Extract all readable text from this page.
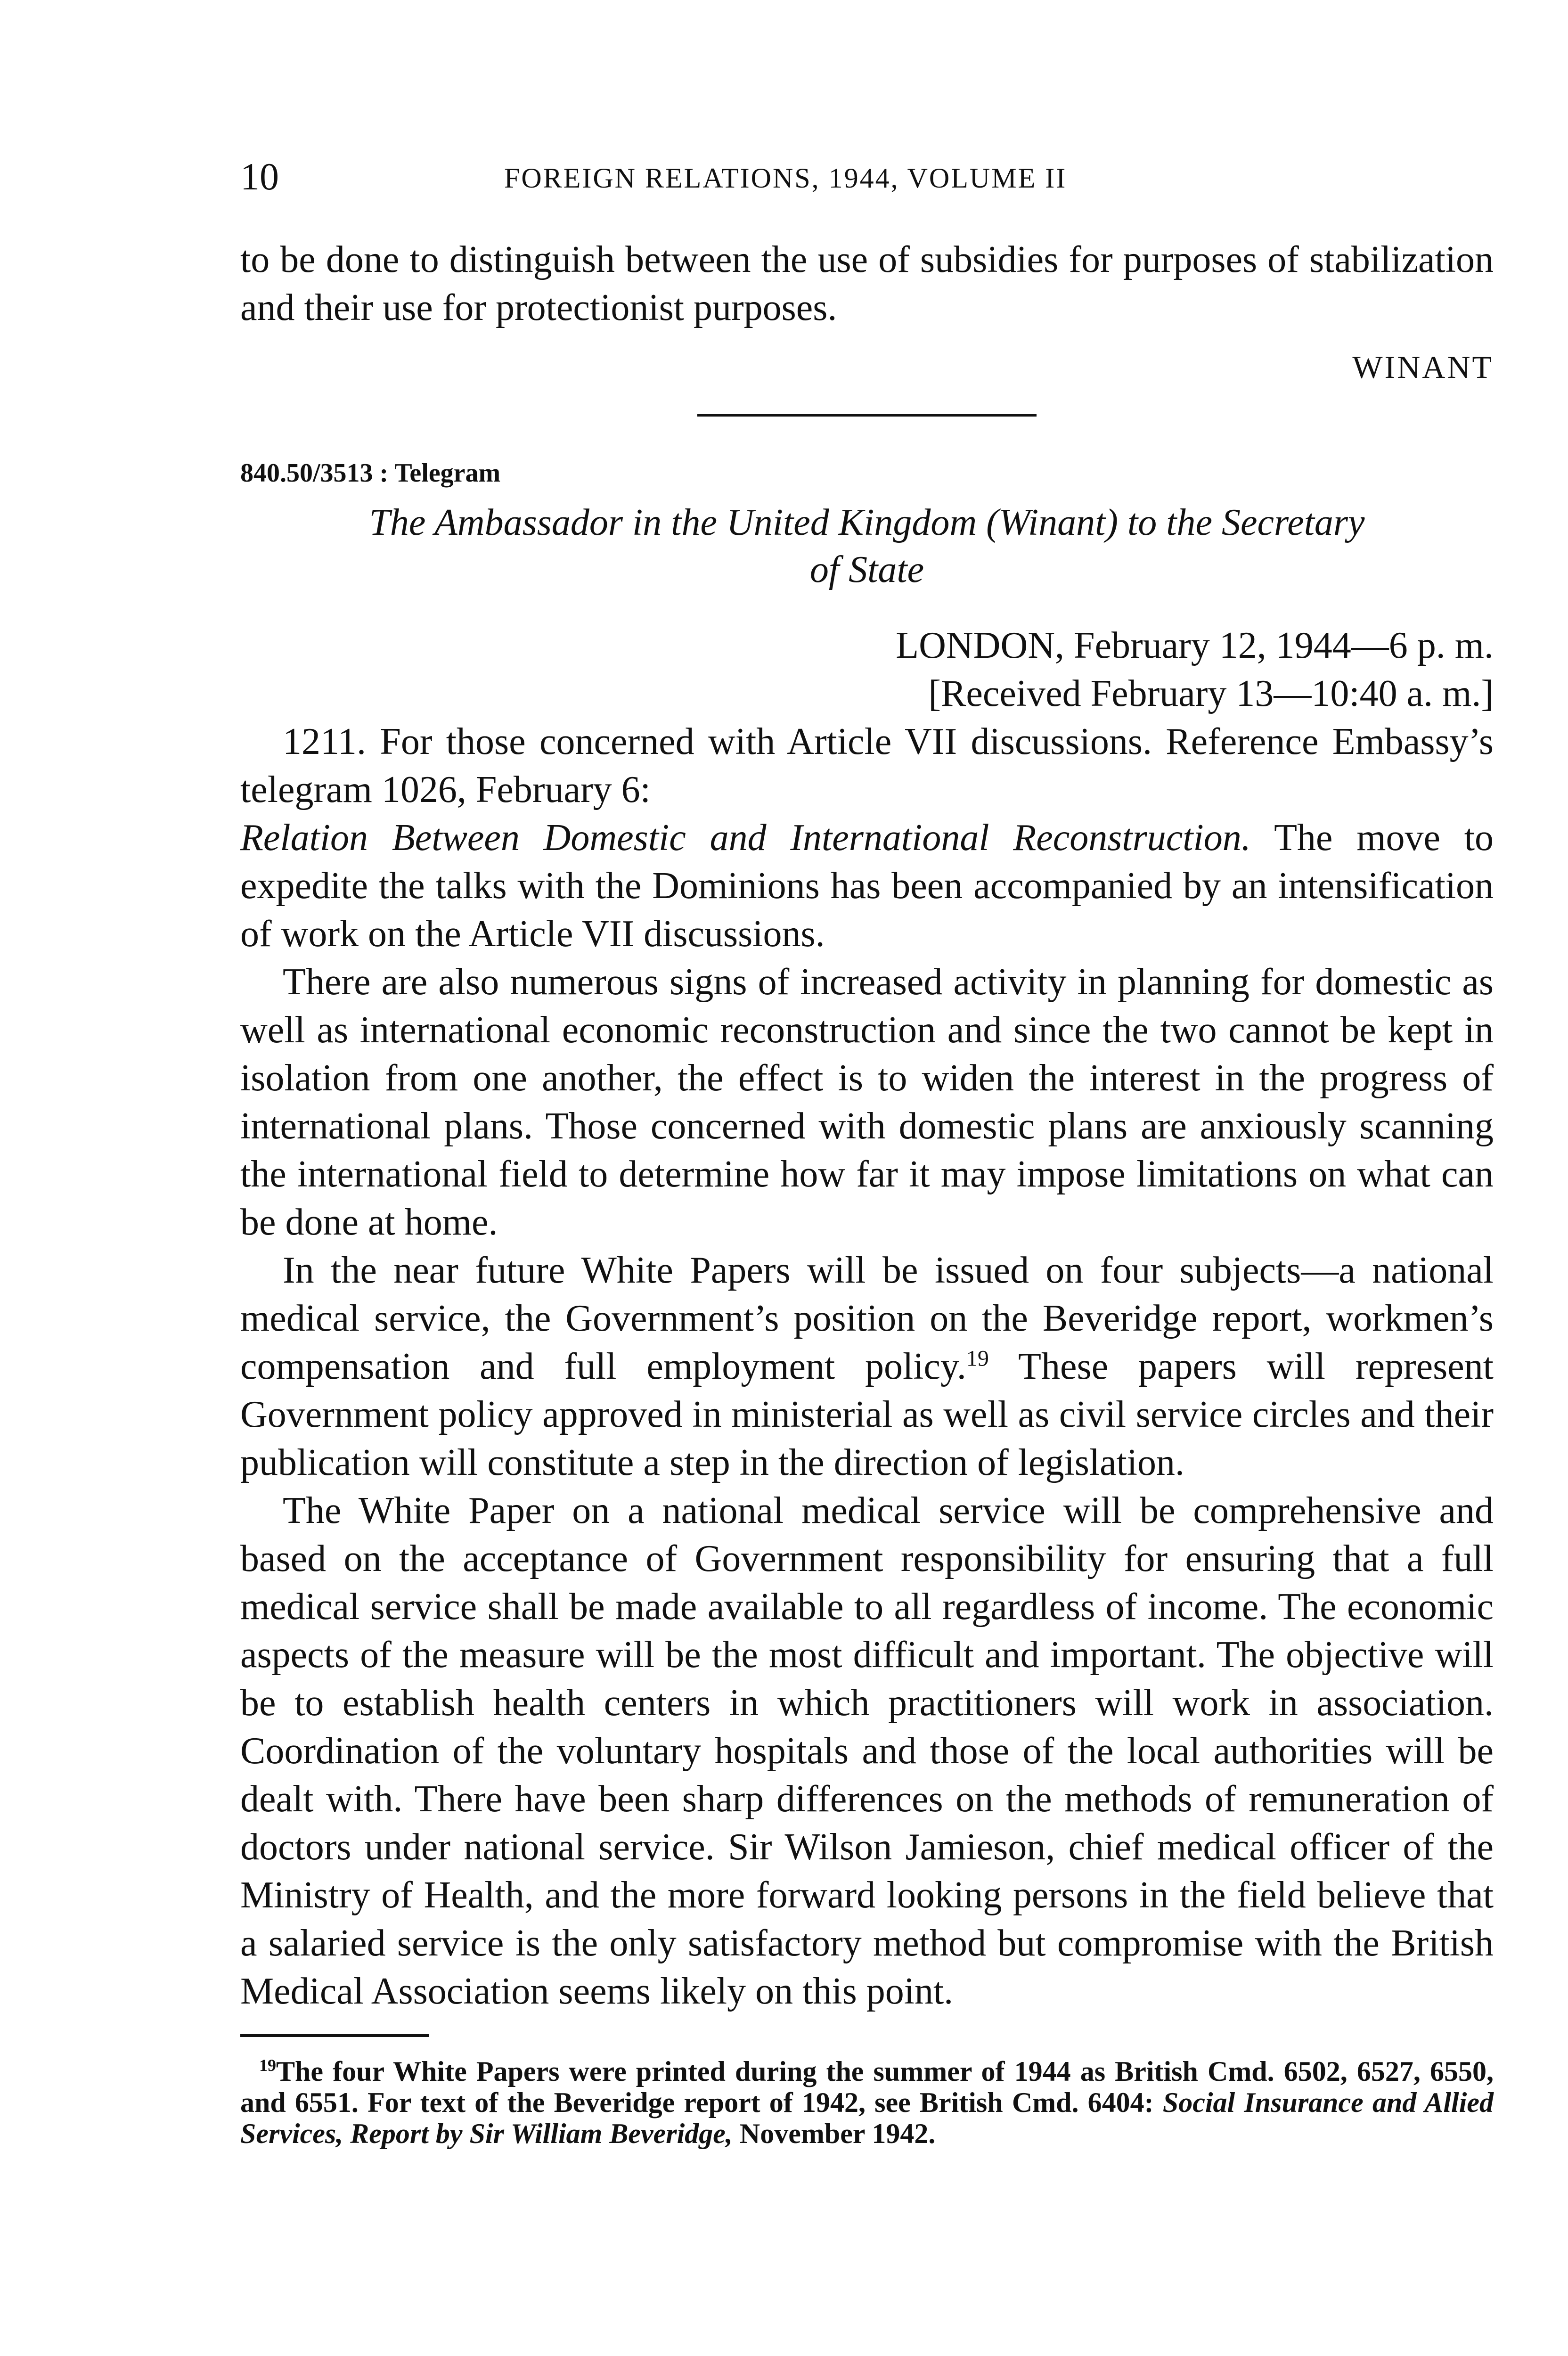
10	FOREIGN RELATIONS, 1944, VOLUME II

to be done to distinguish between the use of subsidies for purposes of stabilization and their use for protectionist purposes.

WINANT

840.50/3513 : Telegram

The Ambassador in the United Kingdom (Winant) to the Secretary
of State
LONDON, February 12, 1944—6 p. m.
[Received February 13—10:40 a. m.]

1211. For those concerned with Article VII discussions. Reference Embassy’s telegram 1026, February 6:
Relation Between Domestic and International Reconstruction. The move to expedite the talks with the Dominions has been accompanied by an intensification of work on the Article VII discussions.

There are also numerous signs of increased activity in planning for domestic as well as international economic reconstruction and since the two cannot be kept in isolation from one another, the effect is to widen the interest in the progress of international plans. Those concerned with domestic plans are anxiously scanning the international field to determine how far it may impose limitations on what can be done at home.

In the near future White Papers will be issued on four subjects—a national medical service, the Government’s position on the Beveridge report, workmen’s compensation and full employment policy.$^{19}$ These papers will represent Government policy approved in ministerial as well as civil service circles and their publication will constitute a step in the direction of legislation.

The White Paper on a national medical service will be comprehensive and based on the acceptance of Government responsibility for ensuring that a full medical service shall be made available to all regardless of income. The economic aspects of the measure will be the most difficult and important. The objective will be to establish health centers in which practitioners will work in association. Coordination of the voluntary hospitals and those of the local authorities will be dealt with. There have been sharp differences on the methods of remuneration of doctors under national service. Sir Wilson Jamieson, chief medical officer of the Ministry of Health, and the more forward looking persons in the field believe that a salaried service is the only satisfactory method but compromise with the British Medical Association seems likely on this point.

$^{19}$The four White Papers were printed during the summer of 1944 as British Cmd. 6502, 6527, 6550, and 6551. For text of the Beveridge report of 1942, see British Cmd. 6404: Social Insurance and Allied Services, Report by Sir William Beveridge, November 1942.
